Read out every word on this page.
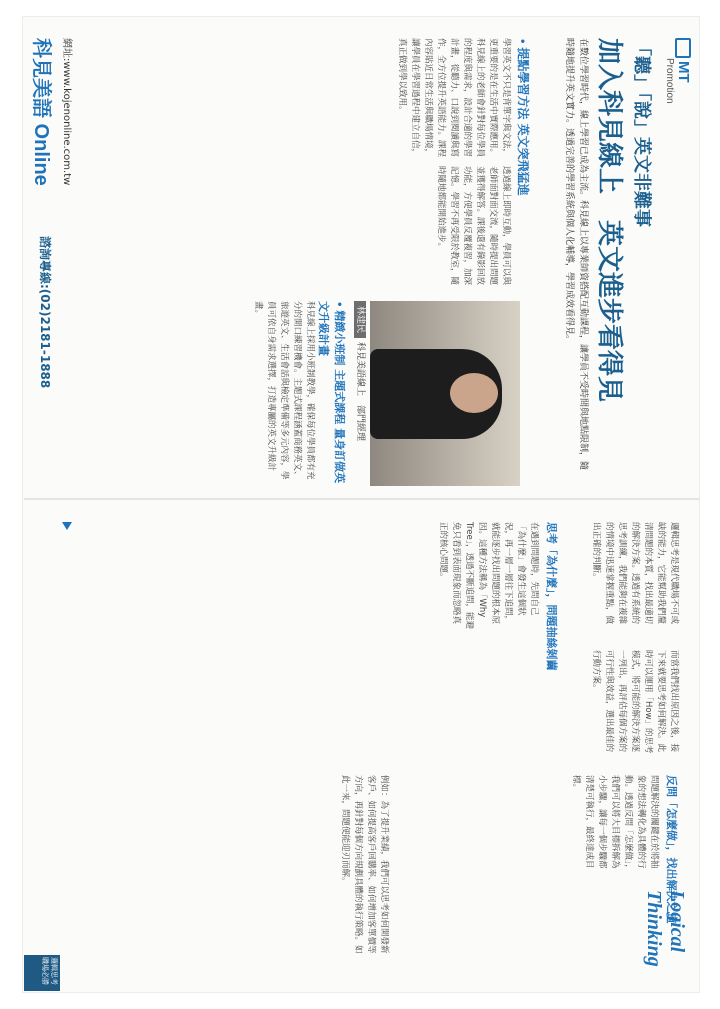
MT
Promotion
「聽」「說」英文非難事
加入科見線上　英文進步看得見
在數位學習時代，線上學習已成為主流。科見線上以專業師資搭配互動課程，讓學員不受時間與地點限制，隨時隨地提升英文實力。透過完善的學習系統與個人化輔導，學習成效看得見。
•提點學習方法 英文突飛猛進
學習英文不只是背單字與文法，更重要的是在生活中實際應用。科見線上的老師會針對每位學員的程度與需求，設計合適的學習計畫，從聽力、口說到閱讀與寫作，全方位提升英語能力。課程內容貼近日常生活與職場情境，讓學員在學習過程中建立自信，真正做到學以致用。
透過線上即時互動，學員可以與老師面對面交流，隨時提出問題並獲得解答。課後還有錄影回放功能，方便學員反覆複習，加深記憶。學習不再受限於教室，隨時隨地都能開始進步。
林建民科見美語線上　部門經理
•精緻小班制 主題式課程 量身訂做英文升級計畫
科見線上採用小班制教學，確保每位學員都有充分的開口練習機會。主題式課程涵蓋商務英文、旅遊英文、生活會話與檢定準備等多元內容，學員可依自身需求選擇，打造專屬的英文升級計畫。
網址:www.kojenonline.com.tw
科見美語 Online
諮詢專線:(02)2181-1888
Logical
Thinking
邏輯思考是現代職場不可或缺的能力，它能幫助我們釐清問題的本質，找出最適切的解決方案。透過有系統的思考訓練，我們能夠在複雜的情境中迅速掌握重點，做出正確的判斷。
思考「為什麼」，問題抽絲剝繭
在遇到問題時，先問自己「為什麼」會發生這個狀況，再一層一層往下追問，就能逐步找出問題的根本原因。這種方法稱為「Why Tree」，透過不斷追問，能避免只看到表面現象而忽略真正的核心問題。
而當我們找出原因之後，接下來就要思考如何解決。此時可以運用「How」的思考模式，將可能的解決方案逐一列出，再評估每個方案的可行性與效益，選出最佳的行動方案。
反問「怎麼做」，找出解決之道
問題解決的關鍵在於將抽象的想法轉化為具體的行動。透過反問「怎麼做」，我們可以將大目標拆解為小步驟，讓每一個步驟都清楚可執行，最終達成目標。
例如：為了提升業績，我們可以思考如何開發新客戶、如何提高客戶回購率、如何增加客單價等方向，再針對每個方向規劃具體的執行策略。如此一來，問題便能迎刃而解。
邏輯思考 職場必勝
